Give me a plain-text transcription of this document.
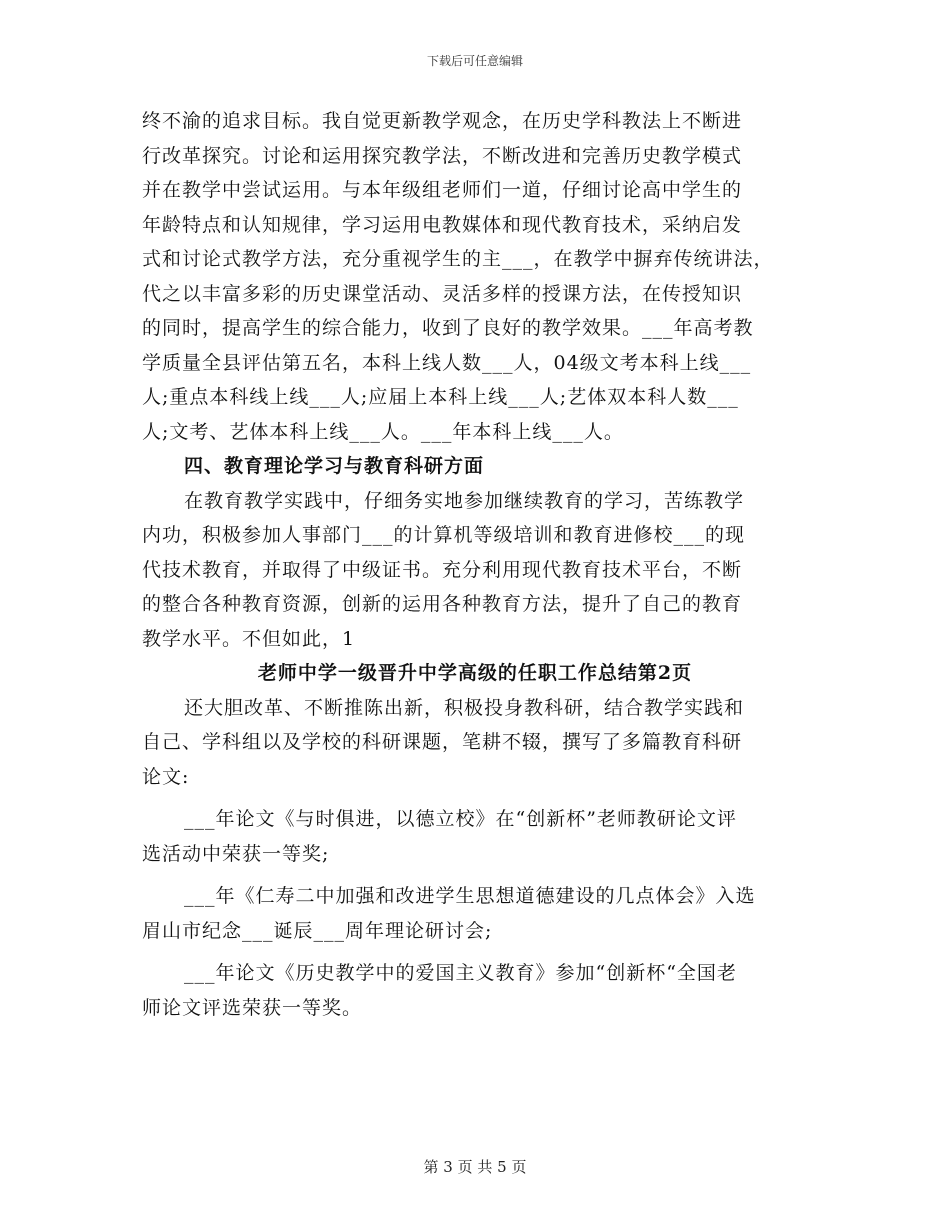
下载后可任意编辑
终不渝的追求目标。我自觉更新教学观念，在历史学科教法上不断进
行改革探究。讨论和运用探究教学法，不断改进和完善历史教学模式
并在教学中尝试运用。与本年级组老师们一道，仔细讨论高中学生的
年龄特点和认知规律，学习运用电教媒体和现代教育技术，采纳启发
式和讨论式教学方法，充分重视学生的主___，在教学中摒弃传统讲法，
代之以丰富多彩的历史课堂活动、灵活多样的授课方法，在传授知识
的同时，提高学生的综合能力，收到了良好的教学效果。___年高考教
学质量全县评估第五名，本科上线人数___人，04级文考本科上线___
人;重点本科线上线___人;应届上本科上线___人;艺体双本科人数___
人;文考、艺体本科上线___人。___年本科上线___人。
四、教育理论学习与教育科研方面
在教育教学实践中，仔细务实地参加继续教育的学习，苦练教学
内功，积极参加人事部门___的计算机等级培训和教育进修校___的现
代技术教育，并取得了中级证书。充分利用现代教育技术平台，不断
的整合各种教育资源，创新的运用各种教育方法，提升了自己的教育
教学水平。不但如此，1
老师中学一级晋升中学高级的任职工作总结第2页
还大胆改革、不断推陈出新，积极投身教科研，结合教学实践和
自己、学科组以及学校的科研课题，笔耕不辍，撰写了多篇教育科研
论文:
___年论文《与时俱进，以德立校》在“创新杯”老师教研论文评
选活动中荣获一等奖;
___年《仁寿二中加强和改进学生思想道德建设的几点体会》入选
眉山市纪念___诞辰___周年理论研讨会;
___年论文《历史教学中的爱国主义教育》参加“创新杯“全国老
师论文评选荣获一等奖。
第 3 页 共 5 页
